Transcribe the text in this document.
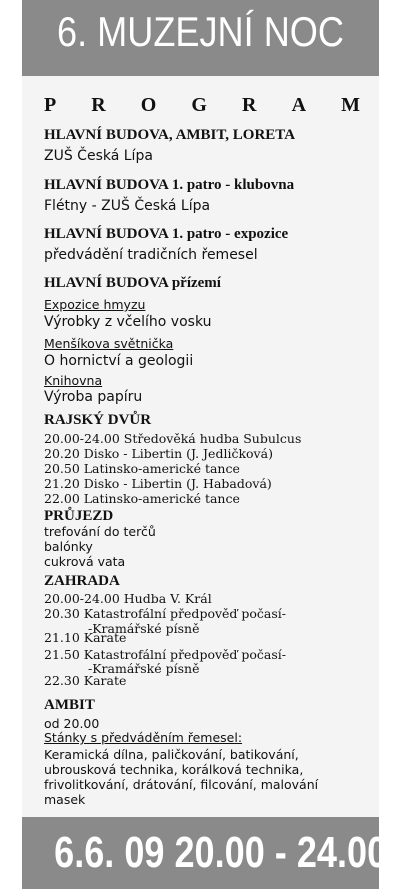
6. MUZEJNÍ NOC
P R O G R A M
HLAVNÍ BUDOVA, AMBIT, LORETA
ZUŠ Česká Lípa
HLAVNÍ BUDOVA 1. patro - klubovna
Flétny - ZUŠ Česká Lípa
HLAVNÍ BUDOVA 1. patro - expozice
předvádění tradičních řemesel
HLAVNÍ BUDOVA přízemí
Expozice hmyzu
Výrobky z včelího vosku
Menšíkova světnička
O hornictví a geologii
Knihovna
Výroba papíru
RAJSKÝ DVŮR
20.00-24.00 Středověká hudba Subulcus
20.20 Disko - Libertin (J. Jedličková)
20.50 Latinsko-americké tance
21.20 Disko - Libertin (J. Habadová)
22.00 Latinsko-americké tance
PRŮJEZD
trefování do terčů
balónky
cukrová vata
ZAHRADA
20.00-24.00 Hudba V. Král
20.30 Katastrofální předpověď počasí-
-Kramářské písně
21.10 Karate
21.50 Katastrofální předpověď počasí-
-Kramářské písně
22.30 Karate
AMBIT
od 20.00
Stánky s předváděním řemesel:
Keramická dílna, paličkování, batikování,
ubrousková technika, korálková technika,
frivolitkování, drátování, filcování, malování
masek
6.6. 09 20.00 - 24.00
